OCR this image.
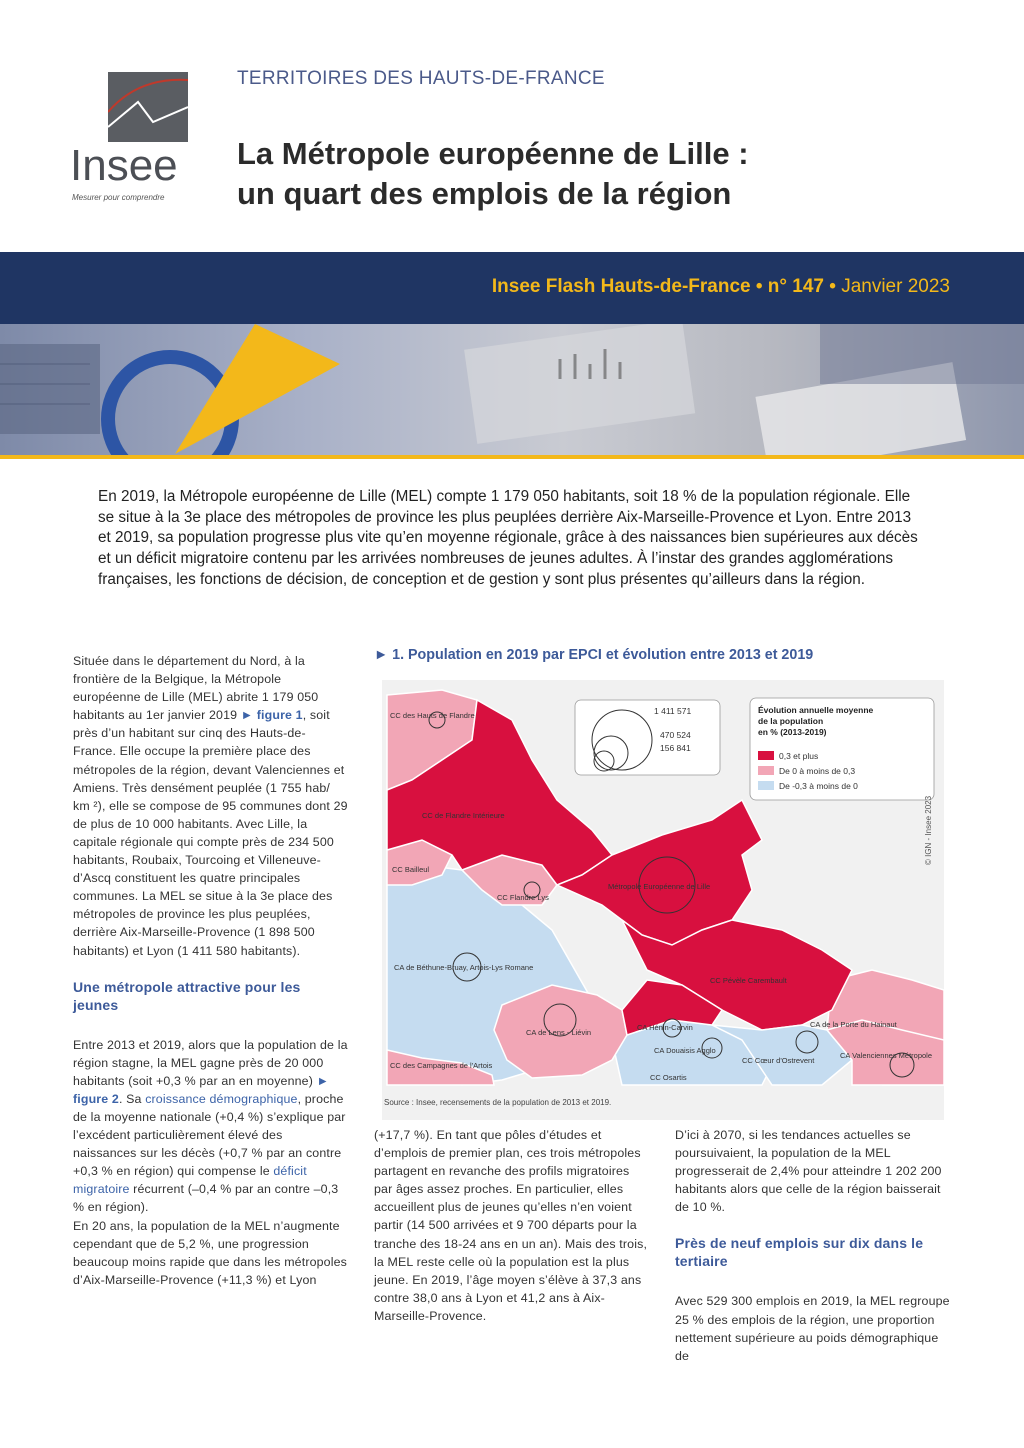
Insee
Mesurer pour comprendre
TERRITOIRES DES HAUTS-DE-FRANCE
La Métropole européenne de Lille :
un quart des emplois de la région
Insee Flash Hauts-de-France • n° 147 • Janvier 2023
En 2019, la Métropole européenne de Lille (MEL) compte 1 179 050 habitants, soit 18 % de la population régionale. Elle se situe à la 3e place des métropoles de province les plus peuplées derrière Aix-Marseille-Provence et Lyon. Entre 2013 et 2019, sa population progresse plus vite qu’en moyenne régionale, grâce à des naissances bien supérieures aux décès et un déficit migratoire contenu par les arrivées nombreuses de jeunes adultes. À l’instar des grandes agglomérations françaises, les fonctions de décision, de conception et de gestion y sont plus présentes qu’ailleurs dans la région.

Située dans le département du Nord, à la frontière de la Belgique, la Métropole européenne de Lille (MEL) abrite 1 179 050 habitants au 1er janvier 2019 ► figure 1, soit près d’un habitant sur cinq des Hauts-de-France. Elle occupe la première place des métropoles de la région, devant Valenciennes et Amiens. Très densément peuplée (1 755 hab/ km ²), elle se compose de 95 communes dont 29 de plus de 10 000 habitants. Avec Lille, la capitale régionale qui compte près de 234 500 habitants, Roubaix, Tourcoing et Villeneuve-d’Ascq constituent les quatre principales communes. La MEL se situe à la 3e place des métropoles de province les plus peuplées, derrière Aix-Marseille-Provence (1 898 500 habitants) et Lyon (1 411 580 habitants).

Une métropole attractive pour les jeunes

Entre 2013 et 2019, alors que la population de la région stagne, la MEL gagne près de 20 000 habitants (soit +0,3 % par an en moyenne) ► figure 2. Sa croissance démographique, proche de la moyenne nationale (+0,4 %) s’explique par l’excédent particulièrement élevé des naissances sur les décès (+0,7 % par an contre +0,3 % en région) qui compense le déficit migratoire récurrent (–0,4 % par an contre –0,3 % en région).

En 20 ans, la population de la MEL n’augmente cependant que de 5,2 %, une progression beaucoup moins rapide que dans les métropoles d’Aix-Marseille-Provence (+11,3 %) et Lyon

► 1. Population en 2019 par EPCI et évolution entre 2013 et 2019
CC des Hauts de Flandre
CC de Flandre Intérieure
CC Bailleul
CC Flandre Lys
Métropole Européenne de Lille
CA de Béthune-Bruay, Artois-Lys Romane
CC Pévèle Carembault
CA de Lens - Liévin
CA Hénin-Carvin
CA Douaisis Agglo
CA de la Porte du Hainaut
CA Valenciennes Métropole
CC Cœur d'Ostrevent
CC des Campagnes de l'Artois
CC Osartis
1 411 571
470 524
156 841
Évolution annuelle moyenne
de la population
en % (2013-2019)
0,3 et plus
De 0 à moins de 0,3
De -0,3 à moins de 0
Source : Insee, recensements de la population de 2013 et 2019.
© IGN - Insee 2023
(+17,7 %). En tant que pôles d’études et d’emplois de premier plan, ces trois métropoles partagent en revanche des profils migratoires par âges assez proches. En particulier, elles accueillent plus de jeunes qu’elles n’en voient partir (14 500 arrivées et 9 700 départs pour la tranche des 18-24 ans en un an). Mais des trois, la MEL reste celle où la population est la plus jeune. En 2019, l’âge moyen s’élève à 37,3 ans contre 38,0 ans à Lyon et 41,2 ans à Aix-Marseille-Provence.

D’ici à 2070, si les tendances actuelles se poursuivaient, la population de la MEL progresserait de 2,4% pour atteindre 1 202 200 habitants alors que celle de la région baisserait de 10 %.

Près de neuf emplois sur dix dans le tertiaire

Avec 529 300 emplois en 2019, la MEL regroupe 25 % des emplois de la région, une proportion nettement supérieure au poids démographique de
